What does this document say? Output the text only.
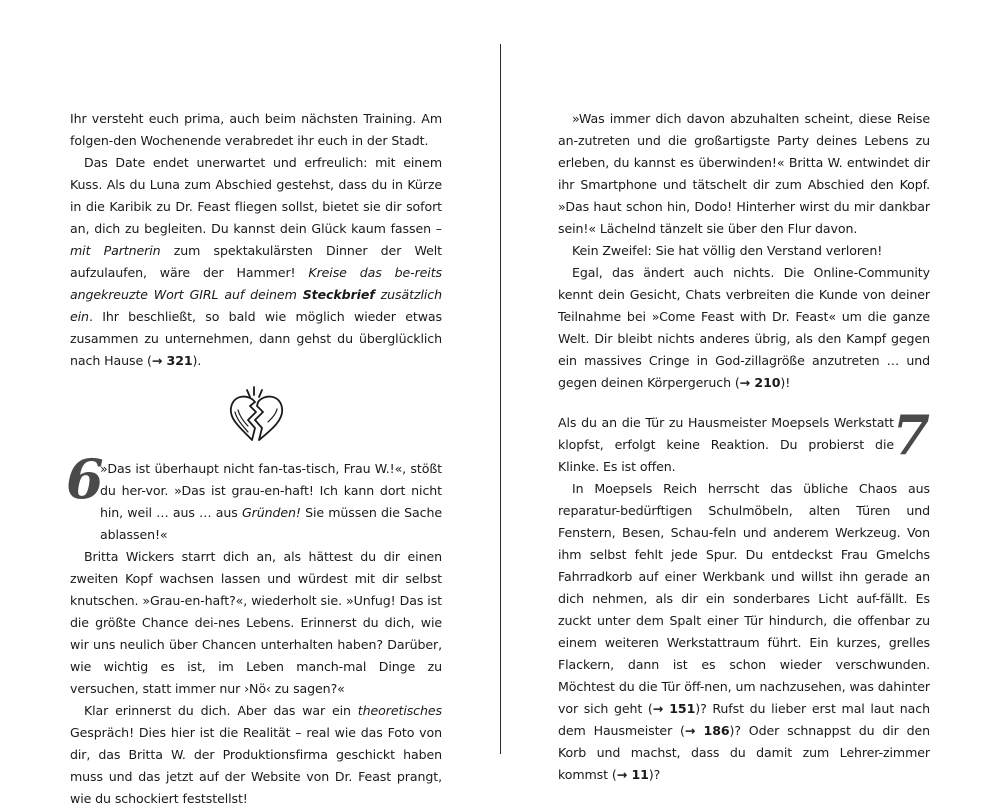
Ihr versteht euch prima, auch beim nächsten Training. Am folgen-den Wochenende verabredet ihr euch in der Stadt.

Das Date endet unerwartet und erfreulich: mit einem Kuss. Als du Luna zum Abschied gestehst, dass du in Kürze in die Karibik zu Dr. Feast fliegen sollst, bietet sie dir sofort an, dich zu begleiten. Du kannst dein Glück kaum fassen – mit Partnerin zum spektakulärsten Dinner der Welt aufzulaufen, wäre der Hammer! Kreise das be-reits angekreuzte Wort GIRL auf deinem Steckbrief zusätzlich ein. Ihr beschließt, so bald wie möglich wieder etwas zusammen zu unternehmen, dann gehst du überglücklich nach Hause (→ 321).

6

»Das ist überhaupt nicht fan-tas-tisch, Frau W.!«, stößt du her-vor. »Das ist grau-en-haft! Ich kann dort nicht hin, weil … aus … aus Gründen! Sie müssen die Sache ablassen!«

Britta Wickers starrt dich an, als hättest du dir einen zweiten Kopf wachsen lassen und würdest mit dir selbst knutschen. »Grau-en-haft?«, wiederholt sie. »Unfug! Das ist die größte Chance dei-nes Lebens. Erinnerst du dich, wie wir uns neulich über Chancen unterhalten haben? Darüber, wie wichtig es ist, im Leben manch-mal Dinge zu versuchen, statt immer nur ›Nö‹ zu sagen?«

Klar erinnerst du dich. Aber das war ein theoretisches Gespräch! Dies hier ist die Realität – real wie das Foto von dir, das Britta W. der Produktionsfirma geschickt haben muss und das jetzt auf der Website von Dr. Feast prangt, wie du schockiert feststellst!

»Was immer dich davon abzuhalten scheint, diese Reise an-zutreten und die großartigste Party deines Lebens zu erleben, du kannst es überwinden!« Britta W. entwindet dir ihr Smartphone und tätschelt dir zum Abschied den Kopf. »Das haut schon hin, Dodo! Hinterher wirst du mir dankbar sein!« Lächelnd tänzelt sie über den Flur davon.

Kein Zweifel: Sie hat völlig den Verstand verloren!

Egal, das ändert auch nichts. Die Online-Community kennt dein Gesicht, Chats verbreiten die Kunde von deiner Teilnahme bei »Come Feast with Dr. Feast« um die ganze Welt. Dir bleibt nichts anderes übrig, als den Kampf gegen ein massives Cringe in God-zillagröße anzutreten … und gegen deinen Körpergeruch (→ 210)!

7

Als du an die Tür zu Hausmeister Moepsels Werkstatt klopfst, erfolgt keine Reaktion. Du probierst die Klinke. Es ist offen.

In Moepsels Reich herrscht das übliche Chaos aus reparatur-bedürftigen Schulmöbeln, alten Türen und Fenstern, Besen, Schau-feln und anderem Werkzeug. Von ihm selbst fehlt jede Spur. Du entdeckst Frau Gmelchs Fahrradkorb auf einer Werkbank und willst ihn gerade an dich nehmen, als dir ein sonderbares Licht auf-fällt. Es zuckt unter dem Spalt einer Tür hindurch, die offenbar zu einem weiteren Werkstattraum führt. Ein kurzes, grelles Flackern, dann ist es schon wieder verschwunden. Möchtest du die Tür öff-nen, um nachzusehen, was dahinter vor sich geht (→ 151)? Rufst du lieber erst mal laut nach dem Hausmeister (→ 186)? Oder schnappst du dir den Korb und machst, dass du damit zum Lehrer-zimmer kommst (→ 11)?
